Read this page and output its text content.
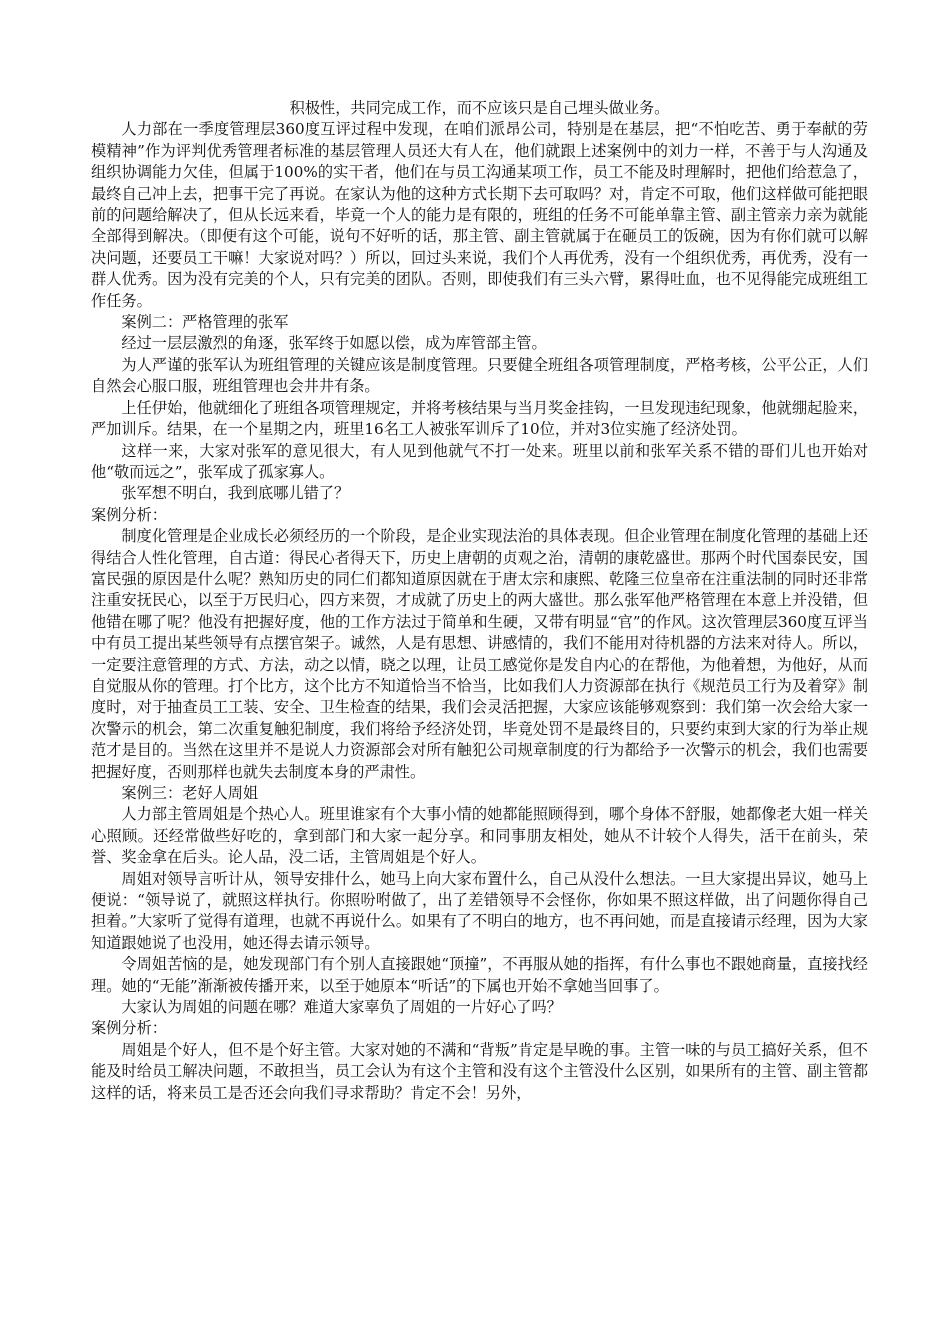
积极性，共同完成工作，而不应该只是自己埋头做业务。

人力部在一季度管理层360度互评过程中发现，在咱们派昂公司，特别是在基层，把“不怕吃苦、勇于奉献的劳模精神”作为评判优秀管理者标准的基层管理人员还大有人在，他们就跟上述案例中的刘力一样，不善于与人沟通及组织协调能力欠佳，但属于100%的实干者，他们在与员工沟通某项工作，员工不能及时理解时，把他们给惹急了，最终自己冲上去，把事干完了再说。在家认为他的这种方式长期下去可取吗？对，肯定不可取，他们这样做可能把眼前的问题给解决了，但从长远来看，毕竟一个人的能力是有限的，班组的任务不可能单靠主管、副主管亲力亲为就能全部得到解决。（即便有这个可能，说句不好听的话，那主管、副主管就属于在砸员工的饭碗，因为有你们就可以解决问题，还要员工干嘛！大家说对吗？）所以，回过头来说，我们个人再优秀，没有一个组织优秀，再优秀，没有一群人优秀。因为没有完美的个人，只有完美的团队。否则，即使我们有三头六臂，累得吐血，也不见得能完成班组工作任务。

案例二：严格管理的张军

经过一层层激烈的角逐，张军终于如愿以偿，成为库管部主管。

为人严谨的张军认为班组管理的关键应该是制度管理。只要健全班组各项管理制度，严格考核，公平公正，人们自然会心服口服，班组管理也会井井有条。

上任伊始，他就细化了班组各项管理规定，并将考核结果与当月奖金挂钩，一旦发现违纪现象，他就绷起脸来，严加训斥。结果，在一个星期之内，班里16名工人被张军训斥了10位，并对3位实施了经济处罚。

这样一来，大家对张军的意见很大，有人见到他就气不打一处来。班里以前和张军关系不错的哥们儿也开始对他“敬而远之”，张军成了孤家寡人。

张军想不明白，我到底哪儿错了？

案例分析：

制度化管理是企业成长必须经历的一个阶段，是企业实现法治的具体表现。但企业管理在制度化管理的基础上还得结合人性化管理，自古道：得民心者得天下，历史上唐朝的贞观之治，清朝的康乾盛世。那两个时代国泰民安，国富民强的原因是什么呢？熟知历史的同仁们都知道原因就在于唐太宗和康熙、乾隆三位皇帝在注重法制的同时还非常注重安抚民心，以至于万民归心，四方来贺，才成就了历史上的两大盛世。那么张军他严格管理在本意上并没错，但他错在哪了呢？他没有把握好度，他的工作方法过于简单和生硬，又带有明显“官”的作风。这次管理层360度互评当中有员工提出某些领导有点摆官架子。诚然，人是有思想、讲感情的，我们不能用对待机器的方法来对待人。所以，一定要注意管理的方式、方法，动之以情，晓之以理，让员工感觉你是发自内心的在帮他，为他着想，为他好，从而自觉服从你的管理。打个比方，这个比方不知道恰当不恰当，比如我们人力资源部在执行《规范员工行为及着穿》制度时，对于抽查员工工装、安全、卫生检查的结果，我们会灵活把握，大家应该能够观察到：我们第一次会给大家一次警示的机会，第二次重复触犯制度，我们将给予经济处罚，毕竟处罚不是最终目的，只要约束到大家的行为举止规范才是目的。当然在这里并不是说人力资源部会对所有触犯公司规章制度的行为都给予一次警示的机会，我们也需要把握好度，否则那样也就失去制度本身的严肃性。

案例三：老好人周姐

人力部主管周姐是个热心人。班里谁家有个大事小情的她都能照顾得到，哪个身体不舒服，她都像老大姐一样关心照顾。还经常做些好吃的，拿到部门和大家一起分享。和同事朋友相处，她从不计较个人得失，活干在前头，荣誉、奖金拿在后头。论人品，没二话，主管周姐是个好人。

周姐对领导言听计从，领导安排什么，她马上向大家布置什么，自己从没什么想法。一旦大家提出异议，她马上便说：“领导说了，就照这样执行。你照吩咐做了，出了差错领导不会怪你，你如果不照这样做，出了问题你得自己担着。”大家听了觉得有道理，也就不再说什么。如果有了不明白的地方，也不再问她，而是直接请示经理，因为大家知道跟她说了也没用，她还得去请示领导。

令周姐苦恼的是，她发现部门有个别人直接跟她“顶撞”，不再服从她的指挥，有什么事也不跟她商量，直接找经理。她的“无能”渐渐被传播开来，以至于她原本“听话”的下属也开始不拿她当回事了。

大家认为周姐的问题在哪？难道大家辜负了周姐的一片好心了吗？

案例分析：

周姐是个好人，但不是个好主管。大家对她的不满和“背叛”肯定是早晚的事。主管一味的与员工搞好关系，但不能及时给员工解决问题，不敢担当，员工会认为有这个主管和没有这个主管没什么区别，如果所有的主管、副主管都这样的话，将来员工是否还会向我们寻求帮助？肯定不会！另外，
